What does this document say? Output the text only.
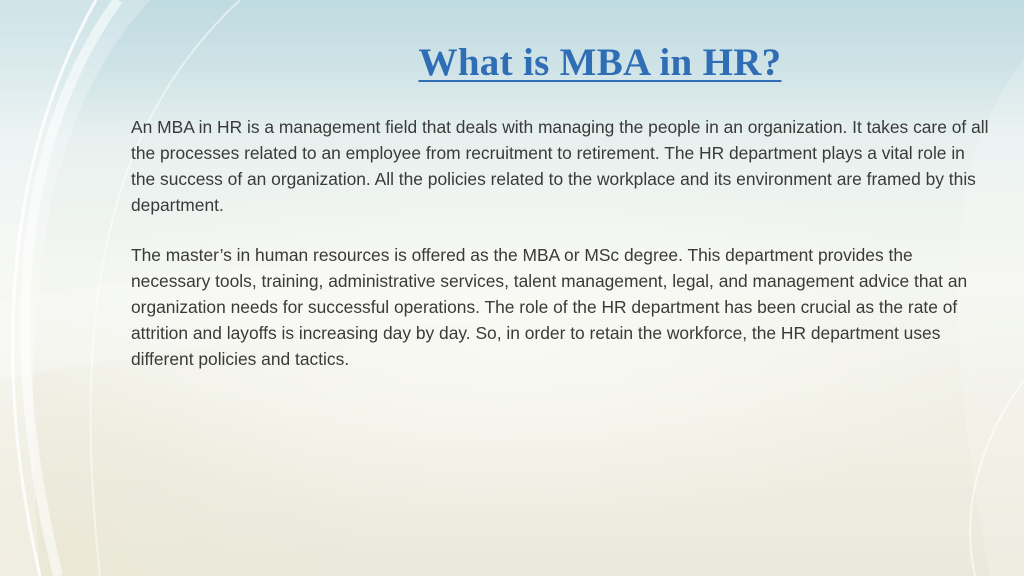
What is MBA in HR?

An MBA in HR is a management field that deals with managing the people in an organization. It takes care of all the processes related to an employee from recruitment to retirement. The HR department plays a vital role in the success of an organization. All the policies related to the workplace and its environment are framed by this department.

The master’s in human resources is offered as the MBA or MSc degree. This department provides the necessary tools, training, administrative services, talent management, legal, and management advice that an organization needs for successful operations. The role of the HR department has been crucial as the rate of attrition and layoffs is increasing day by day. So, in order to retain the workforce, the HR department uses different policies and tactics.
